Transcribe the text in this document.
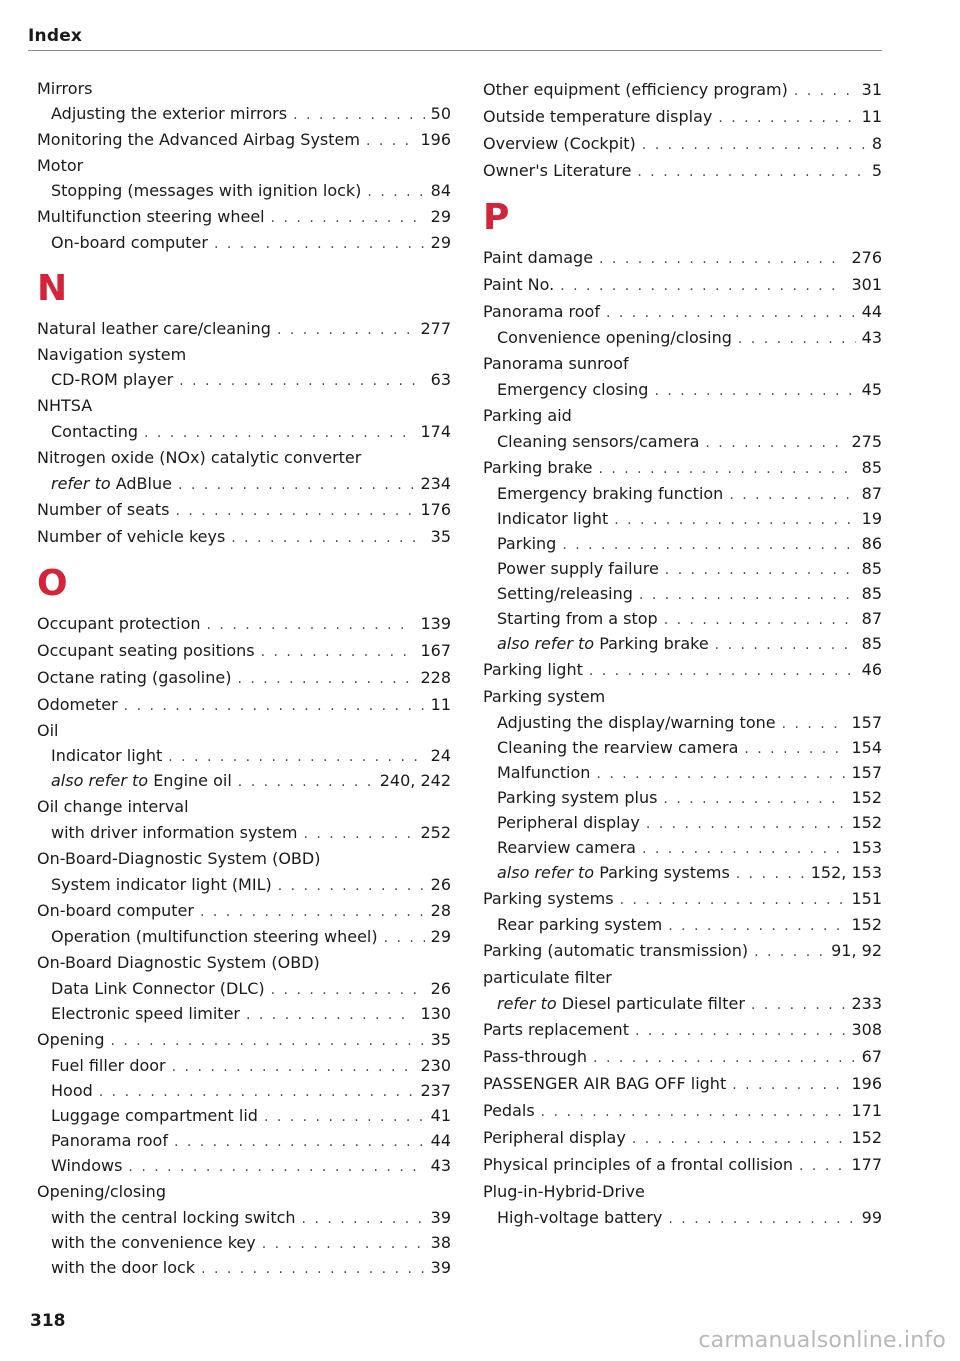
Index
Mirrors
Adjusting the exterior mirrors . . .	50
Monitoring the Advanced Airbag System . . .	196
Motor
Stopping (messages with ignition lock) . . .	84
Multifunction steering wheel . . .	29
On-board computer . . .	29
N
Natural leather care/cleaning . . .	277
Navigation system
CD-ROM player . . .	63
NHTSA
Contacting . . .	174
Nitrogen oxide (NOx) catalytic converter
refer to AdBlue . . .	234
Number of seats . . .	176
Number of vehicle keys . . .	35
O
Occupant protection . . .	139
Occupant seating positions . . .	167
Octane rating (gasoline) . . .	228
Odometer . . .	11
Oil
Indicator light . . .	24
also refer to Engine oil . . .	240, 242
Oil change interval
with driver information system . . .	252
On-Board-Diagnostic System (OBD)
System indicator light (MIL) . . .	26
On-board computer . . .	28
Operation (multifunction steering wheel) . . .	29
On-Board Diagnostic System (OBD)
Data Link Connector (DLC) . . .	26
Electronic speed limiter . . .	130
Opening . . .	35
Fuel filler door . . .	230
Hood . . .	237
Luggage compartment lid . . .	41
Panorama roof . . .	44
Windows . . .	43
Opening/closing
with the central locking switch . . .	39
with the convenience key . . .	38
with the door lock . . .	39
Other equipment (efficiency program) . . .	31
Outside temperature display . . .	11
Overview (Cockpit) . . .	8
Owner's Literature . . .	5
P
Paint damage . . .	276
Paint No. . . .	301
Panorama roof . . .	44
Convenience opening/closing . . .	43
Panorama sunroof
Emergency closing . . .	45
Parking aid
Cleaning sensors/camera . . .	275
Parking brake . . .	85
Emergency braking function . . .	87
Indicator light . . .	19
Parking . . .	86
Power supply failure . . .	85
Setting/releasing . . .	85
Starting from a stop . . .	87
also refer to Parking brake . . .	85
Parking light . . .	46
Parking system
Adjusting the display/warning tone . . .	157
Cleaning the rearview camera . . .	154
Malfunction . . .	157
Parking system plus . . .	152
Peripheral display . . .	152
Rearview camera . . .	153
also refer to Parking systems . . .	152, 153
Parking systems . . .	151
Rear parking system . . .	152
Parking (automatic transmission) . . .	91, 92
particulate filter
refer to Diesel particulate filter . . .	233
Parts replacement . . .	308
Pass-through . . .	67
PASSENGER AIR BAG OFF light . . .	196
Pedals . . .	171
Peripheral display . . .	152
Physical principles of a frontal collision . . .	177
Plug-in-Hybrid-Drive
High-voltage battery . . .	99
318
carmanualsonline.info
